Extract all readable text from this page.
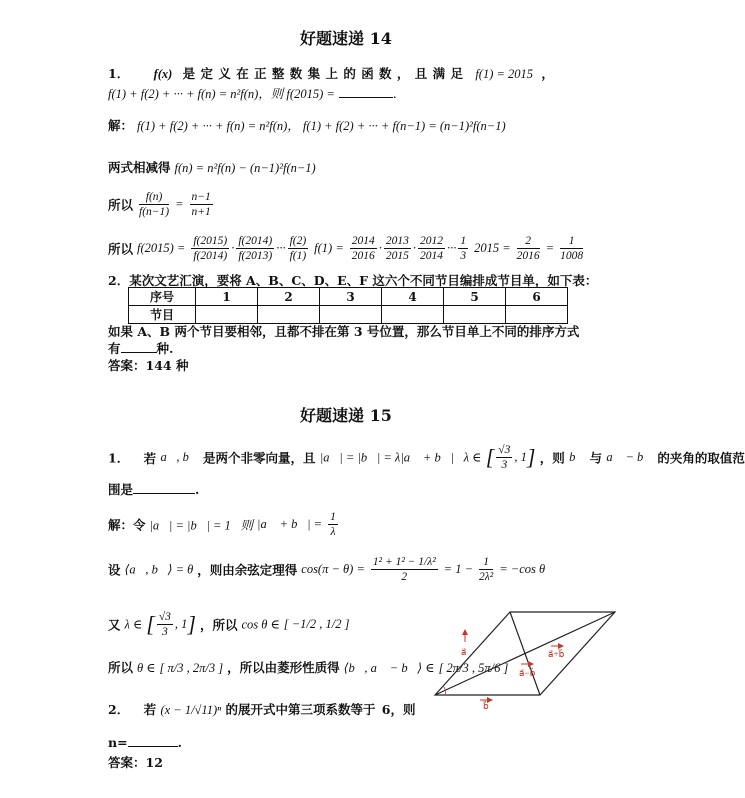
好题速递 14
1． f(x) 是 定 义 在 正 整 数 集 上 的 函 数 ， 且 满 足 f(1) = 2015 ，
f(1) + f(2) + ··· + f(n) = n²f(n)，则 f(2015) =	.
解： f(1) + f(2) + ··· + f(n) = n²f(n)， f(1) + f(2) + ··· + f(n−1) = (n−1)²f(n−1)
两式相减得 f(n) = n²f(n) − (n−1)²f(n−1)
所以 $\frac{f(n)}{f(n-1)} = \frac{n-1}{n+1}$
所以 $f(2015) = \frac{f(2015)}{f(2014)} \cdot \frac{f(2014)}{f(2013)}$ ··· $\frac{f(2)}{f(1)} f(1) = \frac{2014}{2016} \cdot \frac{2013}{2015} \cdot \frac{2012}{2014}$ ··· $\frac{1}{3} 2015 = \frac{2}{2016} = \frac{1}{1008}$
2．某次文艺汇演，要将 A、B、C、D、E、F 这六个不同节目编排成节目单，如下表：
序号	1	2	3	4	5	6
节目						
如果 A、B 两个节目要相邻，且都不排在第 3 号位置，那么节目单上不同的排序方式
有	种.
答案：144 种
好题速递 15
1． 若 a⃗, b⃗ 是两个非零向量，且 |a⃗| = |b⃗| = λ|a⃗ + b⃗|，λ ∈ [ $\frac{√3}{3}$ , 1] ，则 b⃗ 与 a⃗ − b⃗ 的夹角的取值范
围是	.
解：令 |a⃗| = |b⃗| = 1，则 |a⃗ + b⃗| = $\frac{1}{\lambda}$
设 ⟨a⃗, b⃗⟩ = θ ，则由余弦定理得 $\cos(\pi - \theta) = \frac{\text{1² + 1² − 1/λ²}}{2} = 1 - \frac{1}{\text{2λ²}} = -\cos$ θ
又 λ ∈ [ $\frac{√3}{3}$ , 1] ，所以 cos θ ∈ [ −1/2 , 1/2 ]
所以 θ ∈ [ π/3 , 2π/3 ] ，所以由菱形性质得 ⟨b⃗, a⃗ − b⃗⟩ ∈ [ 2π/3 , 5π/6 ]
2． 若 (x − 1/√11)ⁿ 的展开式中第三项系数等于 6，则
n=	.
答案：12
a⃗
b⃗
a⃗+b⃗
a⃗−b⃗
